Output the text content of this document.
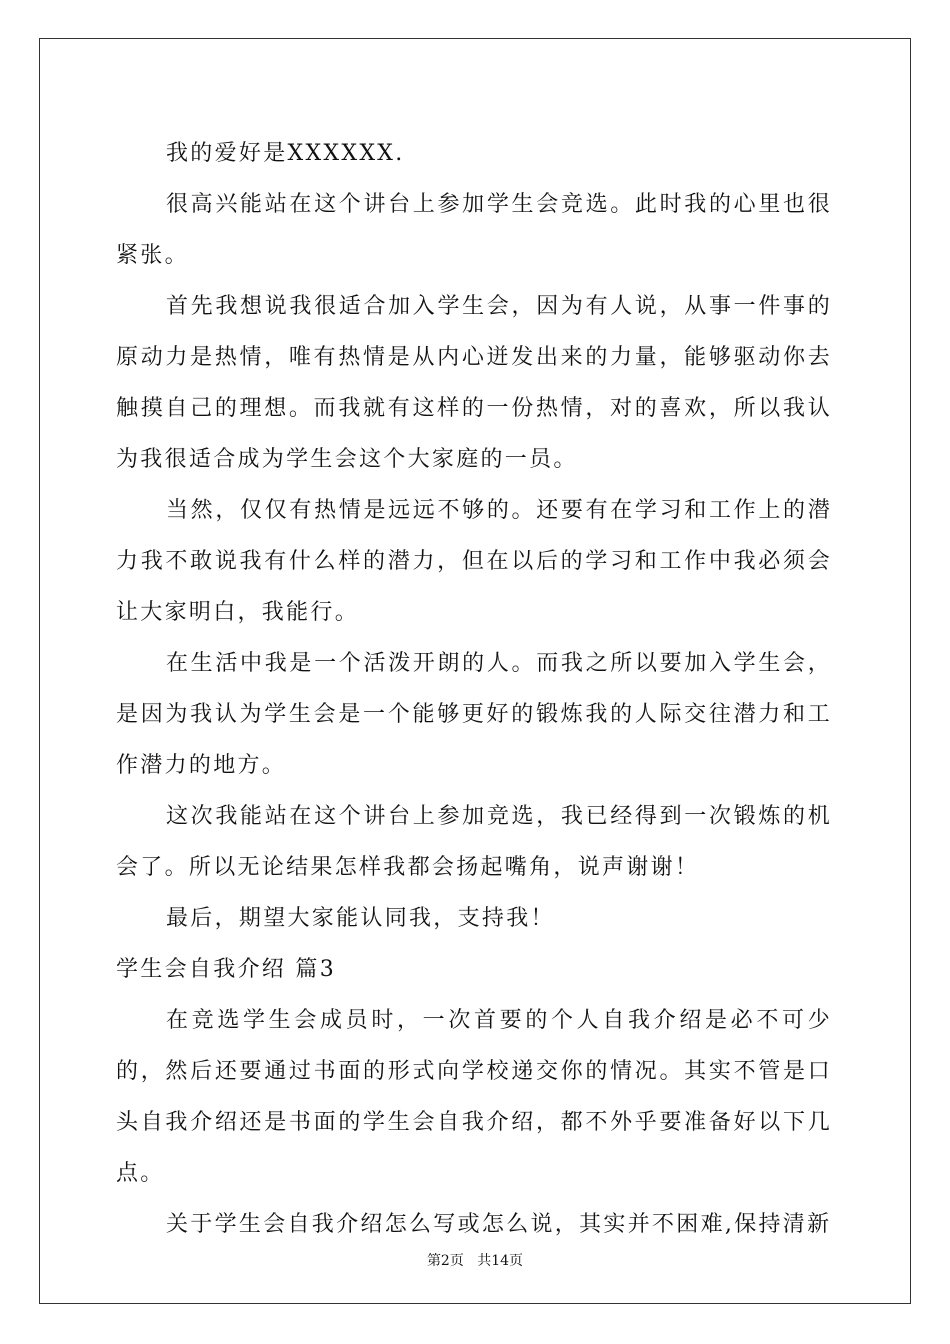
我的爱好是XXXXXX.

很高兴能站在这个讲台上参加学生会竞选。此时我的心里也很紧张。

首先我想说我很适合加入学生会，因为有人说，从事一件事的原动力是热情，唯有热情是从内心迸发出来的力量，能够驱动你去触摸自己的理想。而我就有这样的一份热情，对的喜欢，所以我认为我很适合成为学生会这个大家庭的一员。

当然，仅仅有热情是远远不够的。还要有在学习和工作上的潜力我不敢说我有什么样的潜力，但在以后的学习和工作中我必须会让大家明白，我能行。

在生活中我是一个活泼开朗的人。而我之所以要加入学生会，是因为我认为学生会是一个能够更好的锻炼我的人际交往潜力和工作潜力的地方。

这次我能站在这个讲台上参加竞选，我已经得到一次锻炼的机会了。所以无论结果怎样我都会扬起嘴角，说声谢谢！

最后，期望大家能认同我，支持我！

学生会自我介绍 篇3

在竞选学生会成员时，一次首要的个人自我介绍是必不可少的，然后还要通过书面的形式向学校递交你的情况。其实不管是口头自我介绍还是书面的学生会自我介绍，都不外乎要准备好以下几点。

关于学生会自我介绍怎么写或怎么说，其实并不困难,保持清新

第2页 共14页
